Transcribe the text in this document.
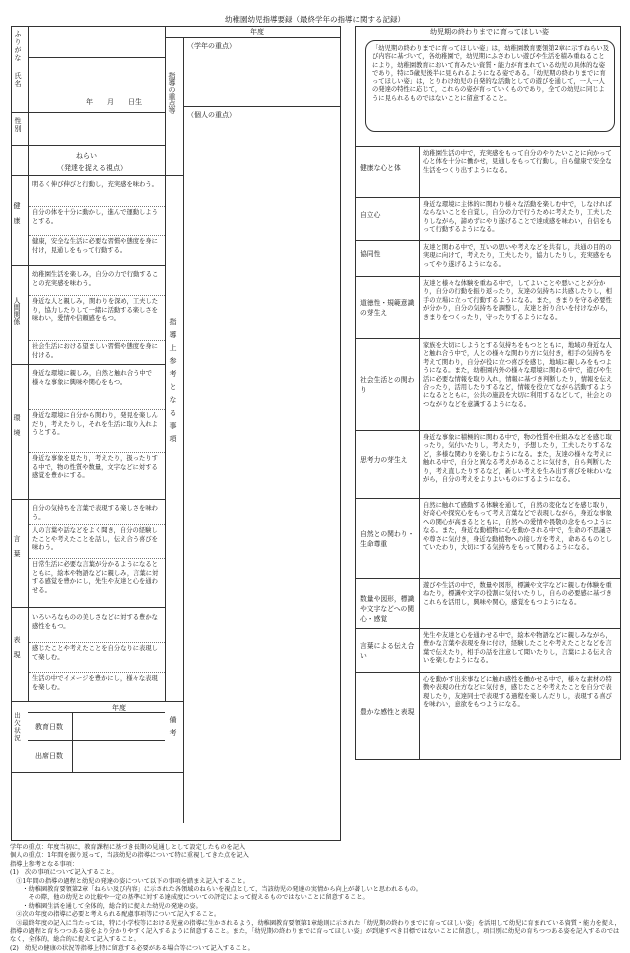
幼稚園幼児指導要録（最終学年の指導に関する記録）
ふりがな
氏名
年　　月　　日生
性別
年度
指導の重点等
（学年の重点）
（個人の重点）
ねらい
（発達を捉える視点）
指導上参考となる事項
健康
明るく伸び伸びと行動し，充実感を味わう。
自分の体を十分に動かし，進んで運動しようとする。
健康，安全な生活に必要な習慣や態度を身に付け，見通しをもって行動する。
人間関係
幼稚園生活を楽しみ，自分の力で行動することの充実感を味わう。
身近な人と親しみ，関わりを深め，工夫したり，協力したりして一緒に活動する楽しさを味わい，愛情や信頼感をもつ。
社会生活における望ましい習慣や態度を身に付ける。
環境
身近な環境に親しみ，自然と触れ合う中で様々な事象に興味や関心をもつ。
身近な環境に自分から関わり，発見を楽しんだり，考えたりし，それを生活に取り入れようとする。
身近な事象を見たり，考えたり，扱ったりする中で，物の性質や数量，文字などに対する感覚を豊かにする。
言葉
自分の気持ちを言葉で表現する楽しさを味わう。
人の言葉や話などをよく聞き，自分の経験したことや考えたことを話し，伝え合う喜びを味わう。
日常生活に必要な言葉が分かるようになるとともに，絵本や物語などに親しみ，言葉に対する感覚を豊かにし，先生や友達と心を通わせる。
表現
いろいろなものの美しさなどに対する豊かな感性をもつ。
感じたことや考えたことを自分なりに表現して楽しむ。
生活の中でイメージを豊かにし，様々な表現を楽しむ。
出欠状況
年度
教育日数
出席日数
備考
幼児期の終わりまでに育ってほしい姿
「幼児期の終わりまでに育ってほしい姿」は，幼稚園教育要領第2章に示すねらい及び内容に基づいて，各幼稚園で，幼児期にふさわしい遊びや生活を積み重ねることにより，幼稚園教育において育みたい資質・能力が育まれている幼児の具体的な姿であり，特に5歳児後半に見られるようになる姿である。「幼児期の終わりまでに育ってほしい姿」は，とりわけ幼児の自発的な活動としての遊びを通して，一人一人の発達の特性に応じて，これらの姿が育っていくものであり，全ての幼児に同じように見られるものではないことに留意すること。
健康な心と体
幼稚園生活の中で，充実感をもって自分のやりたいことに向かって心と体を十分に働かせ，見通しをもって行動し，自ら健康で安全な生活をつくり出すようになる。
自立心
身近な環境に主体的に関わり様々な活動を楽しむ中で，しなければならないことを自覚し，自分の力で行うために考えたり，工夫したりしながら，諦めずにやり遂げることで達成感を味わい，自信をもって行動するようになる。
協同性
友達と関わる中で，互いの思いや考えなどを共有し，共通の目的の実現に向けて，考えたり，工夫したり，協力したりし，充実感をもってやり遂げるようになる。
道徳性・規範意識の芽生え
友達と様々な体験を重ねる中で，してよいことや悪いことが分かり，自分の行動を振り返ったり，友達の気持ちに共感したりし，相手の立場に立って行動するようになる。また，きまりを守る必要性が分かり，自分の気持ちを調整し，友達と折り合いを付けながら，きまりをつくったり，守ったりするようになる。
社会生活との関わり
家族を大切にしようとする気持ちをもつとともに，地域の身近な人と触れ合う中で，人との様々な関わり方に気付き，相手の気持ちを考えて関わり，自分が役に立つ喜びを感じ，地域に親しみをもつようになる。また，幼稚園内外の様々な環境に関わる中で，遊びや生活に必要な情報を取り入れ，情報に基づき判断したり，情報を伝え合ったり，活用したりするなど，情報を役立てながら活動するようになるとともに，公共の施設を大切に利用するなどして，社会とのつながりなどを意識するようになる。
思考力の芽生え
身近な事象に積極的に関わる中で，物の性質や仕組みなどを感じ取ったり，気付いたりし，考えたり，予想したり，工夫したりするなど，多様な関わりを楽しむようになる。また，友達の様々な考えに触れる中で，自分と異なる考えがあることに気付き，自ら判断したり，考え直したりするなど，新しい考えを生み出す喜びを味わいながら，自分の考えをよりよいものにするようになる。
自然との関わり・生命尊重
自然に触れて感動する体験を通して，自然の変化などを感じ取り，好奇心や探究心をもって考え言葉などで表現しながら，身近な事象への関心が高まるとともに，自然への愛情や畏敬の念をもつようになる。また，身近な動植物に心を動かされる中で，生命の不思議さや尊さに気付き，身近な動植物への接し方を考え，命あるものとしていたわり，大切にする気持ちをもって関わるようになる。
数量や図形，標識や文字などへの関心・感覚
遊びや生活の中で，数量や図形，標識や文字などに親しむ体験を重ねたり，標識や文字の役割に気付いたりし，自らの必要感に基づきこれらを活用し，興味や関心，感覚をもつようになる。
言葉による伝え合い
先生や友達と心を通わせる中で，絵本や物語などに親しみながら，豊かな言葉や表現を身に付け，経験したことや考えたことなどを言葉で伝えたり，相手の話を注意して聞いたりし，言葉による伝え合いを楽しむようになる。
豊かな感性と表現
心を動かす出来事などに触れ感性を働かせる中で，様々な素材の特徴や表現の仕方などに気付き，感じたことや考えたことを自分で表現したり，友達同士で表現する過程を楽しんだりし，表現する喜びを味わい，意欲をもつようになる。
学年の重点：年度当初に，教育課程に基づき長期の見通しとして設定したものを記入
個人の重点：1年間を振り返って，当該幼児の指導について特に重視してきた点を記入
指導上参考となる事項：
(1)　次の事項について記入すること。
　①1年間の指導の過程と幼児の発達の姿について以下の事項を踏まえ記入すること。
　　・幼稚園教育要領第2章「ねらい及び内容」に示された各領域のねらいを視点として，当該幼児の発達の実情から向上が著しいと思われるもの。
　　　その際，他の幼児との比較や一定の基準に対する達成度についての評定によって捉えるものではないことに留意すること。
　　・幼稚園生活を通して全体的，総合的に捉えた幼児の発達の姿。
　②次の年度の指導に必要と考えられる配慮事項等について記入すること。
　③最終年度の記入に当たっては，特に小学校等における児童の指導に生かされるよう，幼稚園教育要領第1章総則に示された「幼児期の終わりまでに育ってほしい姿」を活用して幼児に育まれている資質・能力を捉え，指導の過程と育ちつつある姿をより分かりやすく記入するように留意すること。また，「幼児期の終わりまでに育ってほしい姿」が到達すべき目標ではないことに留意し，項目別に幼児の育ちつつある姿を記入するのではなく，全体的，総合的に捉えて記入すること。
(2)　幼児の健康の状況等指導上特に留意する必要がある場合等について記入すること。
